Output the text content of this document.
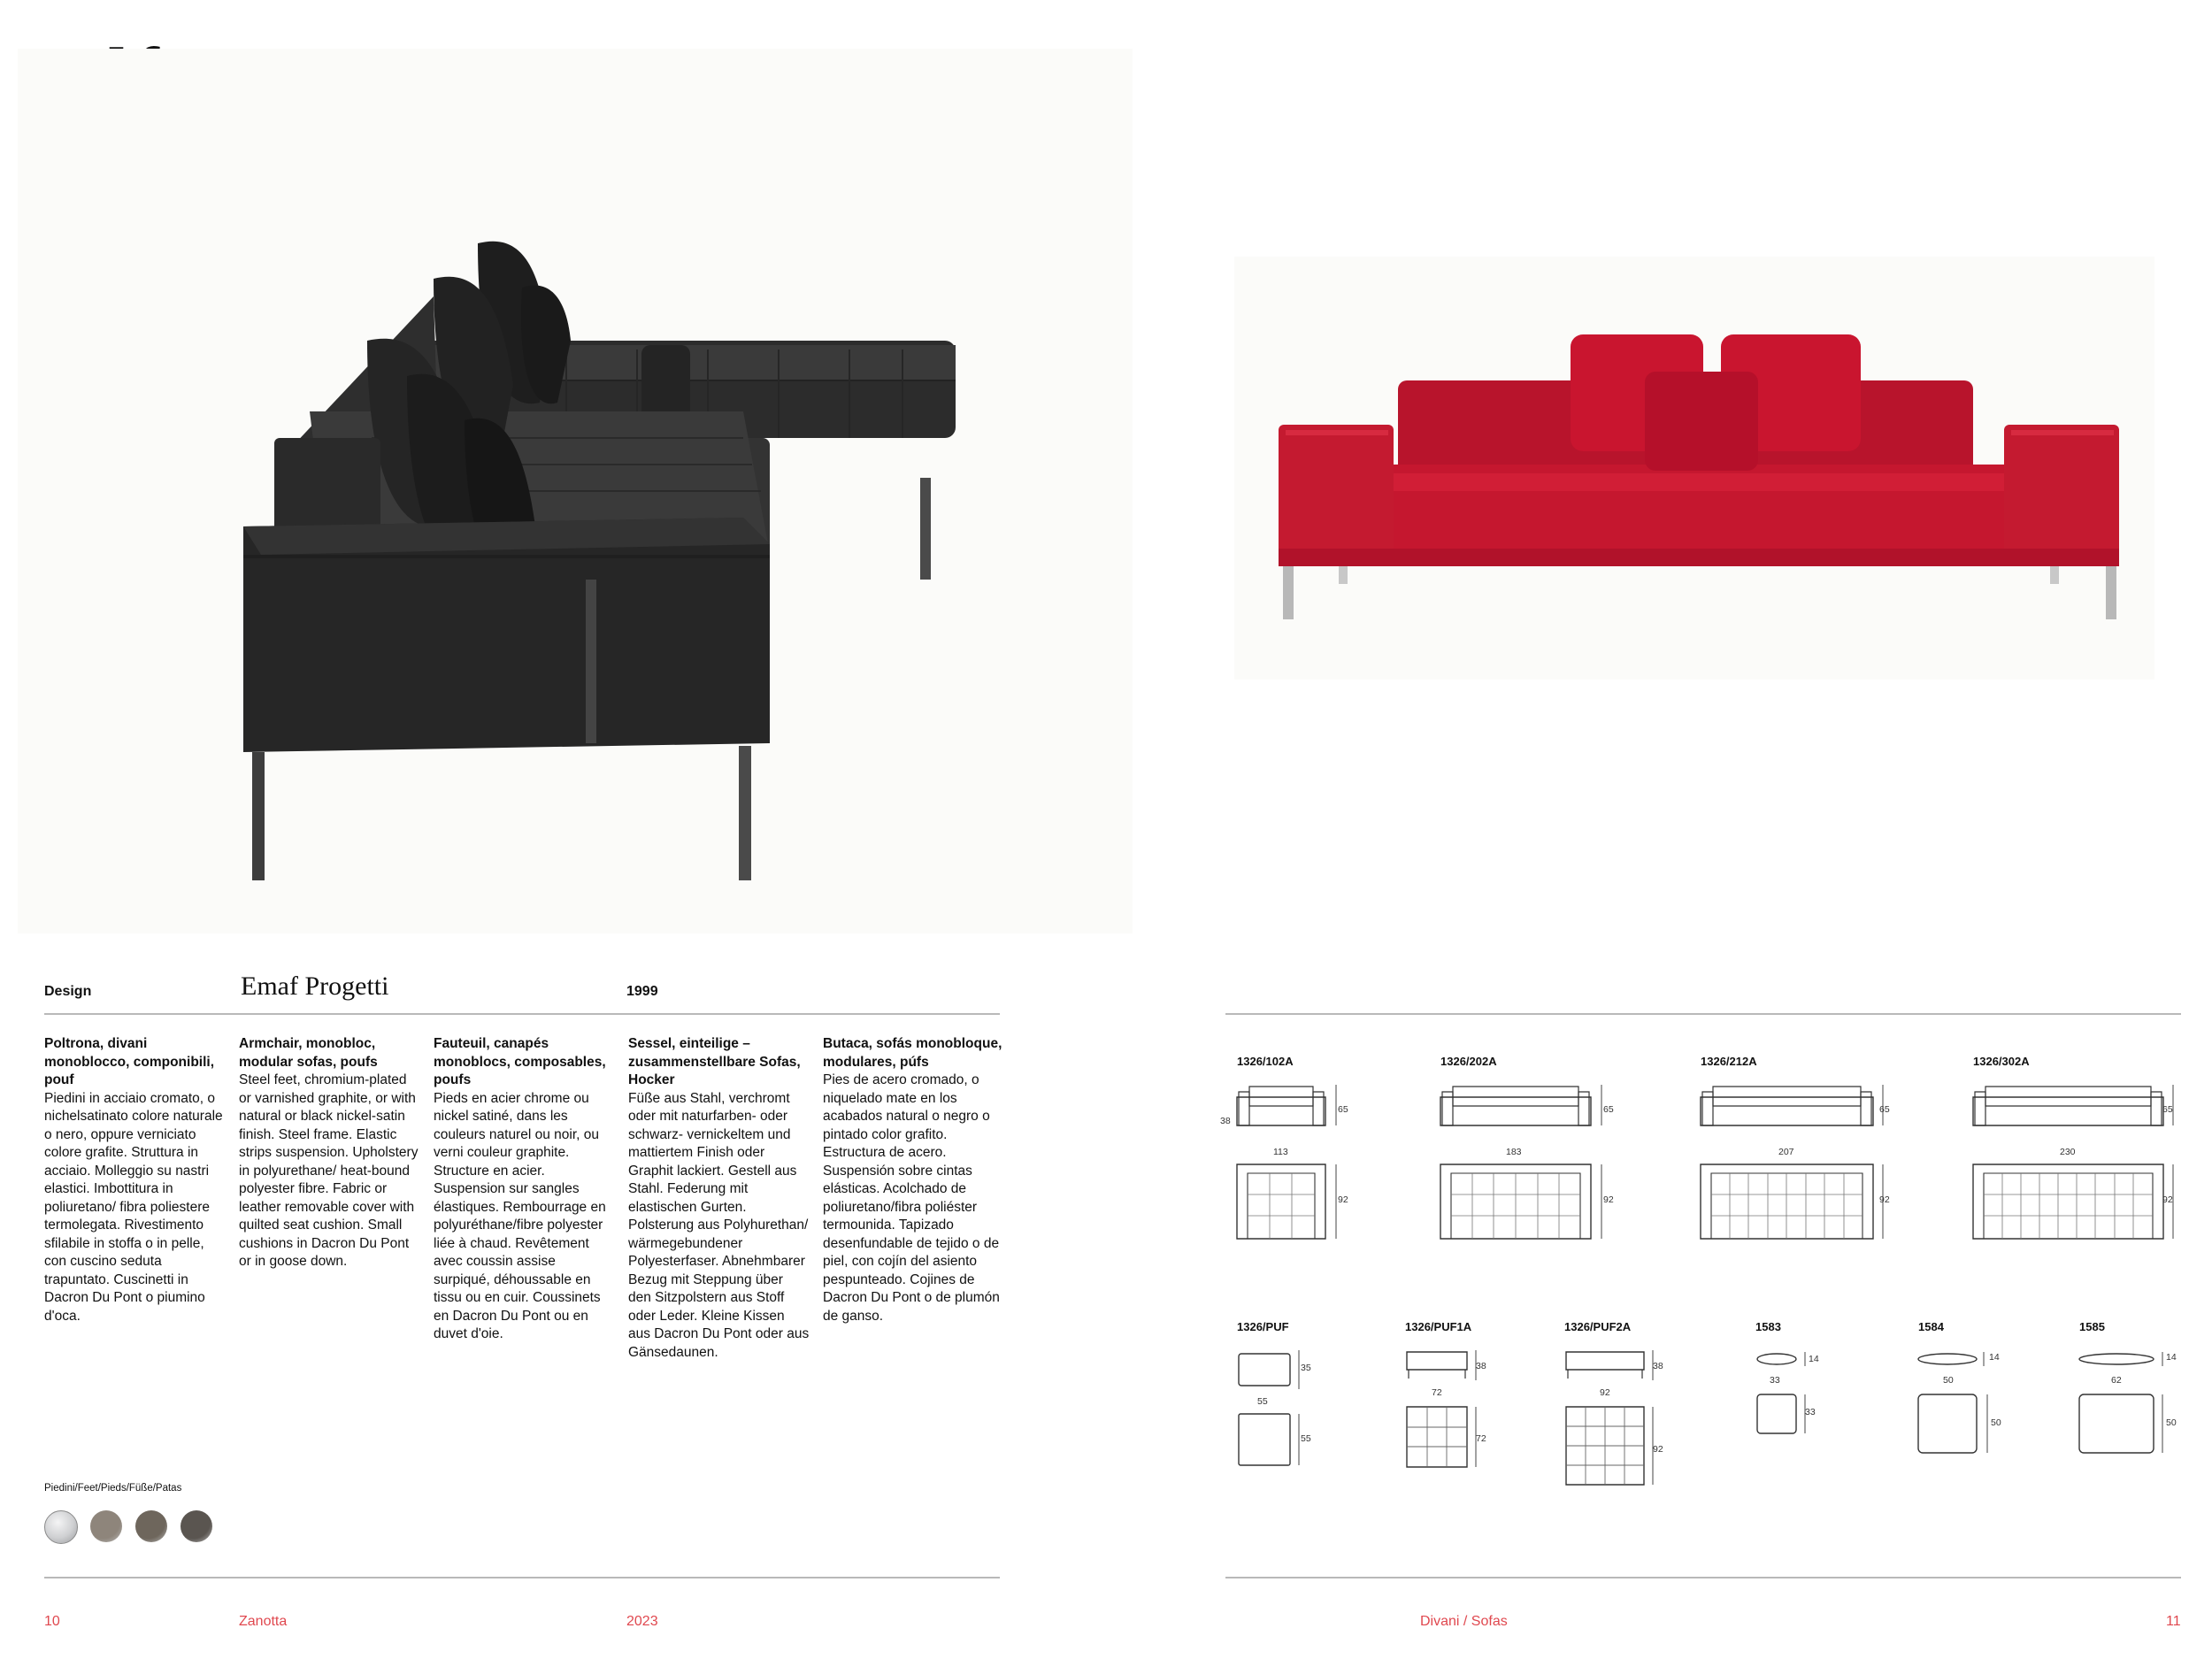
Design	Emaf Progetti	1999
Poltrona, divani monoblocco, componibili, pouf
Piedini in acciaio cromato, o nichelsatinato colore naturale o nero, oppure verniciato colore grafite. Struttura in acciaio. Molleggio su nastri elastici. Imbottitura in poliuretano/ fibra poliestere termolegata. Rivestimento sfilabile in stoffa o in pelle, con cuscino seduta trapuntato. Cuscinetti in Dacron Du Pont o piumino d'oca.
Armchair, monobloc, modular sofas, poufs
Steel feet, chromium-plated or varnished graphite, or with natural or black nickel-satin finish. Steel frame. Elastic strips suspension. Upholstery in polyurethane/ heat-bound polyester fibre. Fabric or leather removable cover with quilted seat cushion. Small cushions in Dacron Du Pont or in goose down.
Fauteuil, canapés monoblocs, composables, poufs
Pieds en acier chrome ou nickel satiné, dans les couleurs naturel ou noir, ou verni couleur graphite. Structure en acier. Suspension sur sangles élastiques. Rembourrage en polyuréthane/fibre polyester liée à chaud. Revêtement avec coussin assise surpiqué, déhoussable en tissu ou en cuir. Coussinets en Dacron Du Pont ou en duvet d'oie.
Sessel, einteilige – zusammenstellbare Sofas, Hocker
Füße aus Stahl, verchromt oder mit naturfarben- oder schwarz- vernickeltem und mattiertem Finish oder Graphit lackiert. Gestell aus Stahl. Federung mit elastischen Gurten. Polsterung aus Polyhurethan/ wärmegebundener Polyesterfaser. Abnehmbarer Bezug mit Steppung über den Sitzpolstern aus Stoff oder Leder. Kleine Kissen aus Dacron Du Pont oder aus Gänsedaunen.
Butaca, sofás monobloque, modulares, púfs
Pies de acero cromado, o niquelado mate en los acabados natural o negro o pintado color grafito. Estructura de acero. Suspensión sobre cintas elásticas. Acolchado de poliuretano/fibra poliéster termounida. Tapizado desenfundable de tejido o de piel, con cojín del asiento pespunteado. Cojines de Dacron Du Pont o de plumón de ganso.
Piedini/Feet/Pieds/Füße/Patas
10	Zanotta	2023
1326/102A
38
65
113
92
1326/202A
65
183
92
1326/212A
65
207
92
1326/302A
65
230
92
1326/PUF
35
55
55
1326/PUF1A
38
72
72
1326/PUF2A
38
92
92
1583
14
33
33
1584
14
50
50
1585
14
62
50
Divani / Sofas	11
